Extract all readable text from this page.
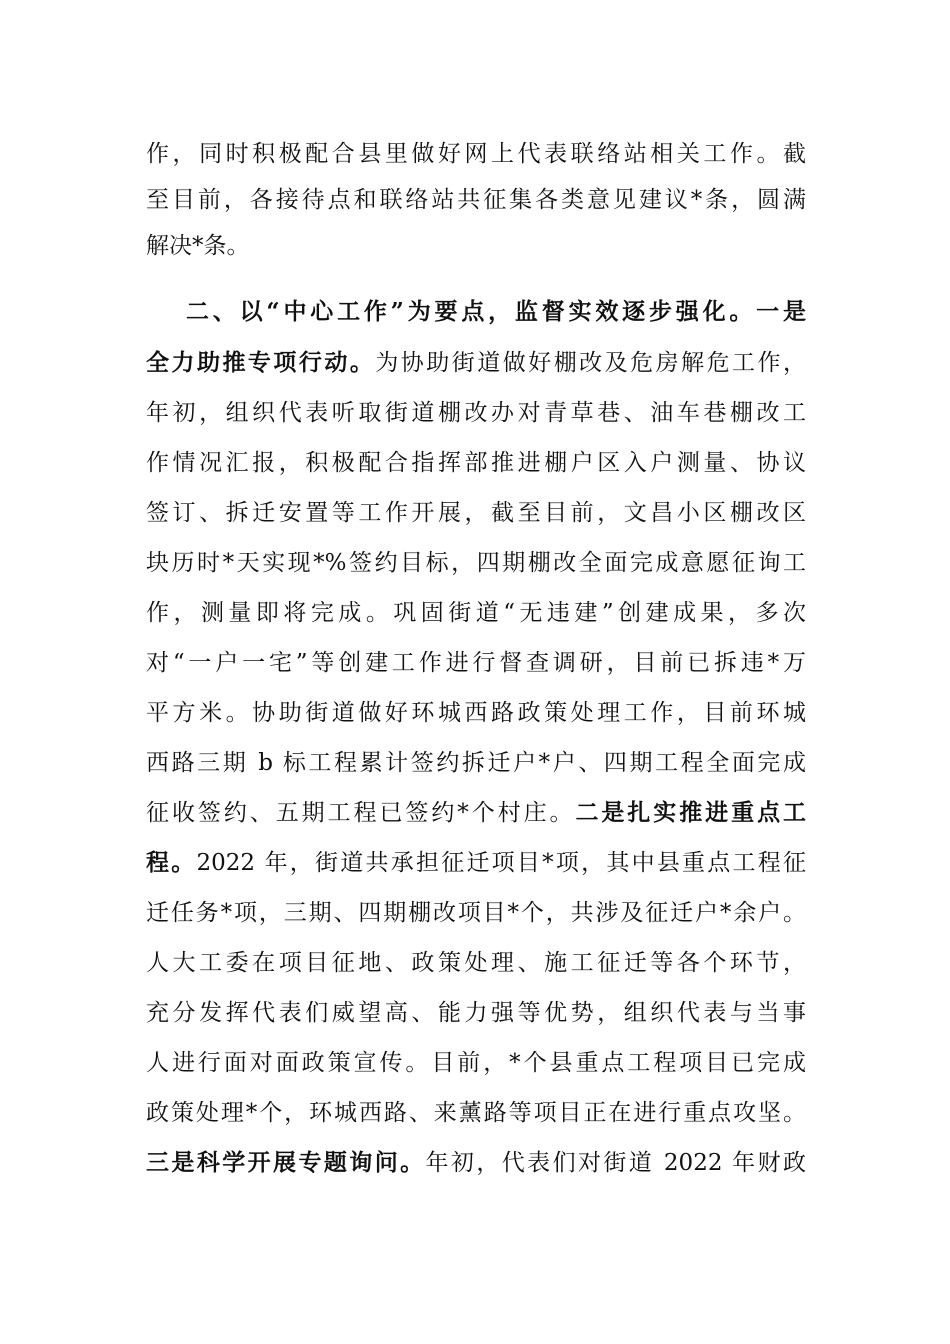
作，同时积极配合县里做好网上代表联络站相关工作。截
至目前，各接待点和联络站共征集各类意见建议*条，圆满
解决*条。
二、以“中心工作”为要点，监督实效逐步强化。一是
全力助推专项行动。为协助街道做好棚改及危房解危工作，
年初，组织代表听取街道棚改办对青草巷、油车巷棚改工
作情况汇报，积极配合指挥部推进棚户区入户测量、协议
签订、拆迁安置等工作开展，截至目前，文昌小区棚改区
块历时*天实现*%签约目标，四期棚改全面完成意愿征询工
作，测量即将完成。巩固街道“无违建”创建成果，多次
对“一户一宅”等创建工作进行督查调研，目前已拆违*万
平方米。协助街道做好环城西路政策处理工作，目前环城
西路三期 b 标工程累计签约拆迁户*户、四期工程全面完成
征收签约、五期工程已签约*个村庄。二是扎实推进重点工
程。2022 年，街道共承担征迁项目*项，其中县重点工程征
迁任务*项，三期、四期棚改项目*个，共涉及征迁户*余户。
人大工委在项目征地、政策处理、施工征迁等各个环节，
充分发挥代表们威望高、能力强等优势，组织代表与当事
人进行面对面政策宣传。目前，*个县重点工程项目已完成
政策处理*个，环城西路、来薰路等项目正在进行重点攻坚。
三是科学开展专题询问。年初，代表们对街道 2022 年财政
